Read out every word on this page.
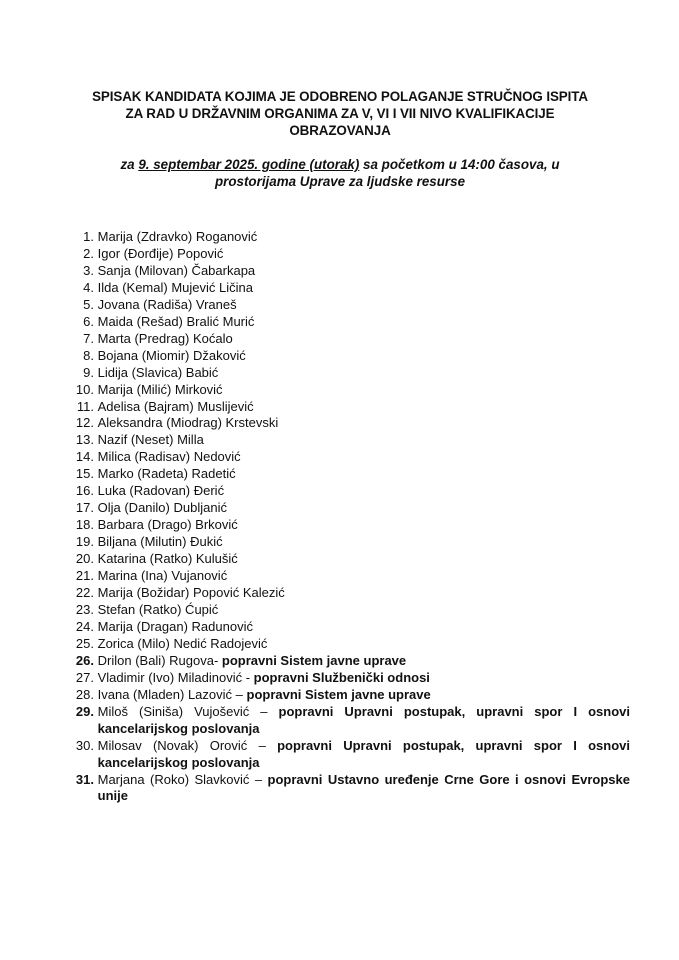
SPISAK KANDIDATA KOJIMA JE ODOBRENO POLAGANJE STRUČNOG ISPITA
ZA RAD U DRŽAVNIM ORGANIMA ZA V, VI I VII NIVO KVALIFIKACIJE
OBRAZOVANJA
za 9. septembar 2025. godine (utorak) sa početkom u 14:00 časova, u
prostorijama Uprave za ljudske resurse
1.
Marija (Zdravko) Roganović
2.
Igor (Đorđije) Popović
3.
Sanja (Milovan) Čabarkapa
4.
Ilda (Kemal) Mujević Ličina
5.
Jovana (Radiša) Vraneš
6.
Maida (Rešad) Bralić Murić
7.
Marta (Predrag) Koćalo
8.
Bojana (Miomir) Džaković
9.
Lidija (Slavica) Babić
10.
Marija (Milić) Mirković
11.
Adelisa (Bajram) Muslijević
12.
Aleksandra (Miodrag) Krstevski
13.
Nazif (Neset) Milla
14.
Milica (Radisav) Nedović
15.
Marko (Radeta) Radetić
16.
Luka (Radovan) Đerić
17.
Olja (Danilo) Dubljanić
18.
Barbara (Drago) Brković
19.
Biljana (Milutin) Đukić
20.
Katarina (Ratko) Kulušić
21.
Marina (Ina) Vujanović
22.
Marija (Božidar) Popović Kalezić
23.
Stefan (Ratko) Ćupić
24.
Marija (Dragan) Radunović
25.
Zorica (Milo) Nedić Radojević
26.
Drilon (Bali) Rugova- popravni Sistem javne uprave
27.
Vladimir (Ivo) Miladinović - popravni Službenički odnosi
28.
Ivana (Mladen) Lazović – popravni Sistem javne uprave
29.
Miloš (Siniša) Vujošević – popravni Upravni postupak, upravni spor I osnovi kancelarijskog poslovanja
30.
Milosav (Novak) Orović – popravni Upravni postupak, upravni spor I osnovi kancelarijskog poslovanja
31.
Marjana (Roko) Slavković – popravni Ustavno uređenje Crne Gore i osnovi Evropske unije
